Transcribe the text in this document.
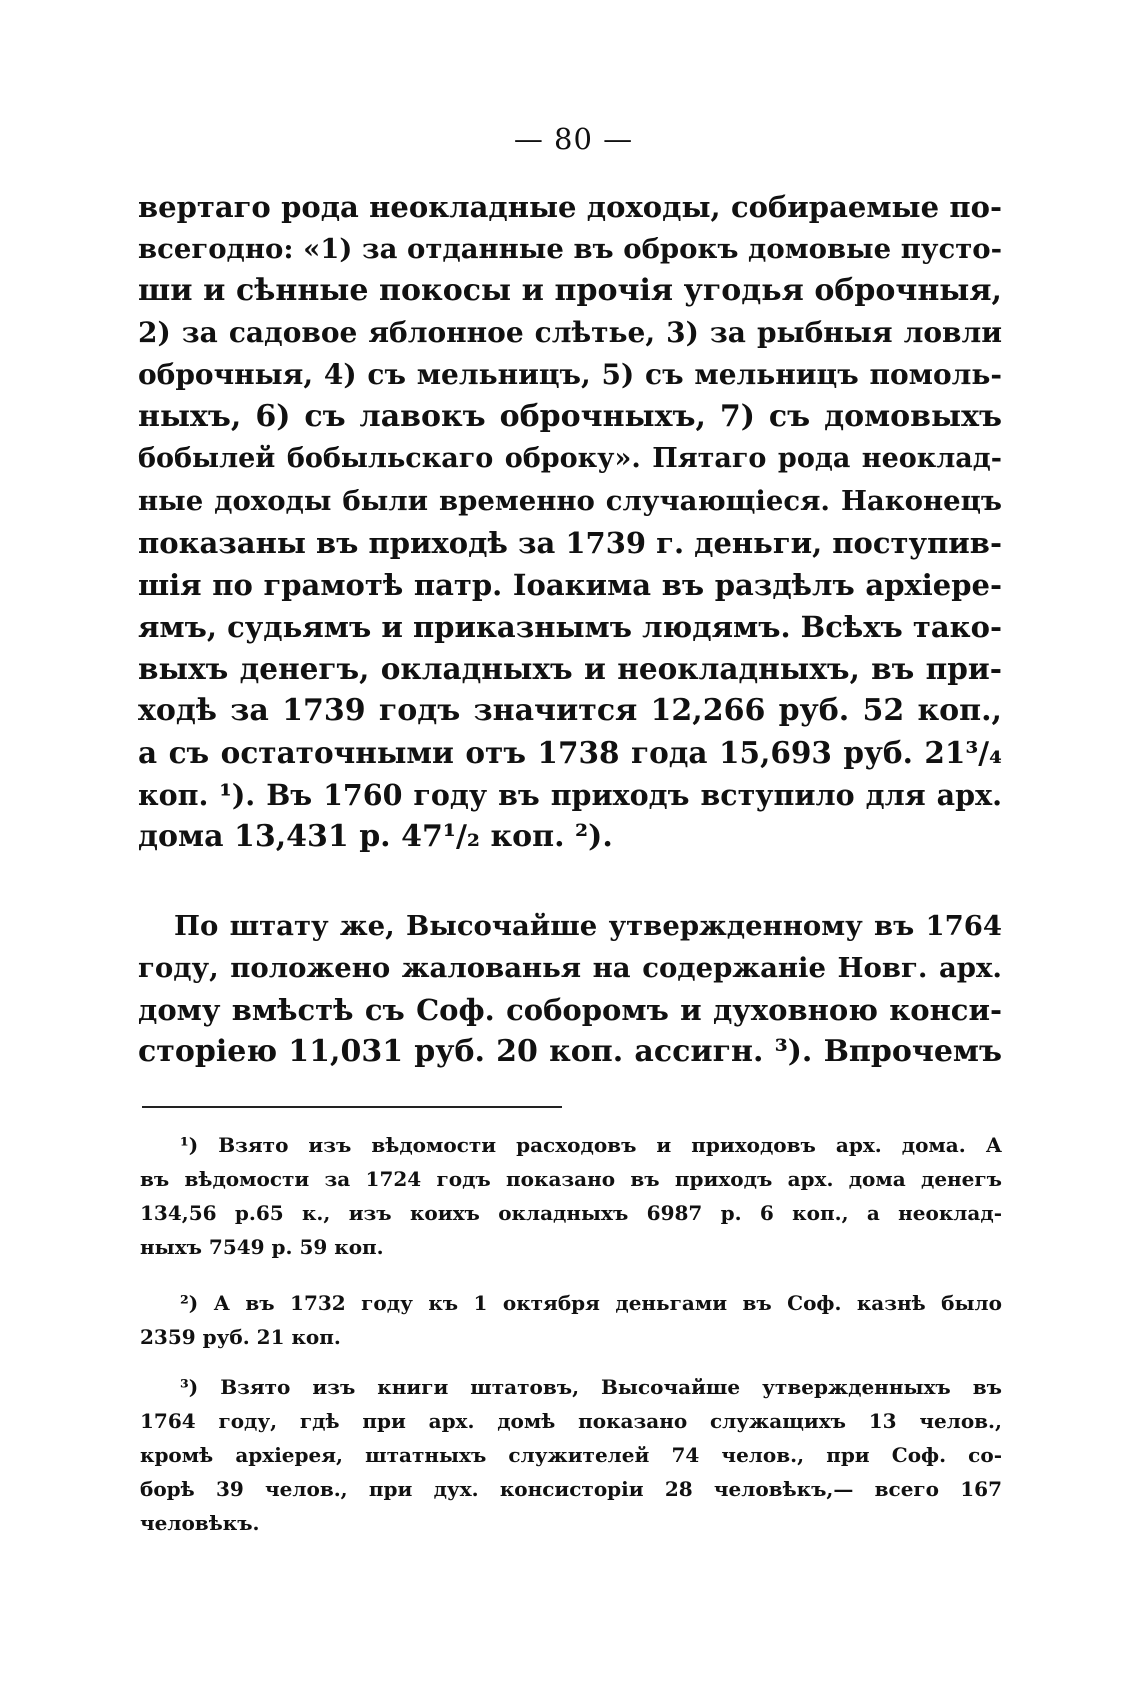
— 80 —
вертаго рода неокладные доходы, собираемые по-
всегодно: «1) за отданные въ оброкъ домовые пусто-
ши и сѣнные покосы и прочія угодья оброчныя,
2) за садовое яблонное слѣтье, 3) за рыбныя ловли
оброчныя, 4) съ мельницъ, 5) съ мельницъ помоль-
ныхъ, 6) съ лавокъ оброчныхъ, 7) съ домовыхъ
бобылей бобыльскаго оброку». Пятаго рода неоклад-
ные доходы были временно случающіеся. Наконецъ
показаны въ приходѣ за 1739 г. деньги, поступив-
шія по грамотѣ патр. Іоакима въ раздѣлъ архіере-
ямъ, судьямъ и приказнымъ людямъ. Всѣхъ тако-
выхъ денегъ, окладныхъ и неокладныхъ, въ при-
ходѣ за 1739 годъ значится 12,266 руб. 52 коп.,
а съ остаточными отъ 1738 года 15,693 руб. 21³/₄
коп. ¹). Въ 1760 году въ приходъ вступило для арх.
дома 13,431 р. 47¹/₂ коп. ²).
По штату же, Высочайше утвержденному въ 1764
году, положено жалованья на содержаніе Новг. арх.
дому вмѣстѣ съ Соф. соборомъ и духовною конси-
сторіею 11,031 руб. 20 коп. ассигн. ³). Впрочемъ
¹) Взято изъ вѣдомости расходовъ и приходовъ арх. дома. А
въ вѣдомости за 1724 годъ показано въ приходъ арх. дома денегъ
134,56 р.65 к., изъ коихъ окладныхъ 6987 р. 6 коп., а неоклад-
ныхъ 7549 р. 59 коп.
²) А въ 1732 году къ 1 октября деньгами въ Соф. казнѣ было
2359 руб. 21 коп.
³) Взято изъ книги штатовъ, Высочайше утвержденныхъ въ
1764 году, гдѣ при арх. домѣ показано служащихъ 13 челов.,
кромѣ архіерея, штатныхъ служителей 74 челов., при Соф. со-
борѣ 39 челов., при дух. консисторіи 28 человѣкъ,— всего 167
человѣкъ.
